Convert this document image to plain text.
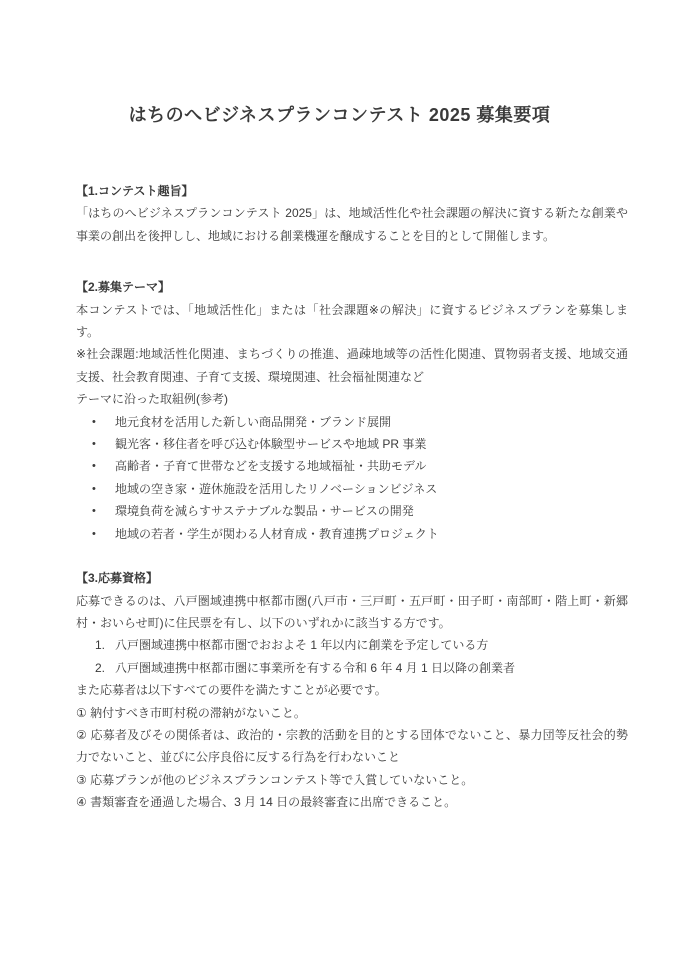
はちのへビジネスプランコンテスト 2025 募集要項
【1.コンテスト趣旨】

「はちのへビジネスプランコンテスト 2025」は、地域活性化や社会課題の解決に資する新たな創業や事業の創出を後押しし、地域における創業機運を醸成することを目的として開催します。

【2.募集テーマ】

本コンテストでは、「地域活性化」または「社会課題※の解決」に資するビジネスプランを募集します。

※社会課題:地域活性化関連、まちづくりの推進、過疎地域等の活性化関連、買物弱者支援、地域交通支援、社会教育関連、子育て支援、環境関連、社会福祉関連など

テーマに沿った取組例(参考)

•	地元食材を活用した新しい商品開発・ブランド展開
•	観光客・移住者を呼び込む体験型サービスや地域 PR 事業
•	高齢者・子育て世帯などを支援する地域福祉・共助モデル
•	地域の空き家・遊休施設を活用したリノベーションビジネス
•	環境負荷を減らすサステナブルな製品・サービスの開発
•	地域の若者・学生が関わる人材育成・教育連携プロジェクト
【3.応募資格】

応募できるのは、八戸圏域連携中枢都市圏(八戸市・三戸町・五戸町・田子町・南部町・階上町・新郷村・おいらせ町)に住民票を有し、以下のいずれかに該当する方です。

1. 八戸圏域連携中枢都市圏でおおよそ 1 年以内に創業を予定している方
2. 八戸圏域連携中枢都市圏に事業所を有する令和 6 年 4 月 1 日以降の創業者

また応募者は以下すべての要件を満たすことが必要です。

① 納付すべき市町村税の滞納がないこと。

② 応募者及びその関係者は、政治的・宗教的活動を目的とする団体でないこと、暴力団等反社会的勢力でないこと、並びに公序良俗に反する行為を行わないこと

③ 応募プランが他のビジネスプランコンテスト等で入賞していないこと。

④ 書類審査を通過した場合、3 月 14 日の最終審査に出席できること。
